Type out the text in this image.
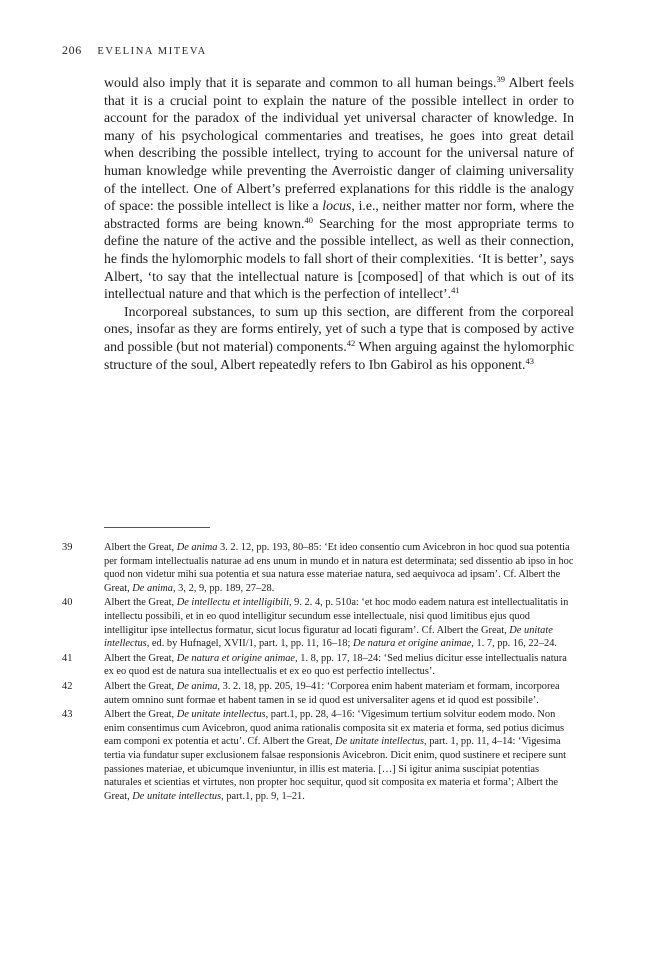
206 EVELINA MITEVA

would also imply that it is separate and common to all human beings.$^{39}$ Albert feels that it is a crucial point to explain the nature of the possible intellect in order to account for the paradox of the individual yet universal character of knowledge. In many of his psychological commentaries and treatises, he goes into great detail when describing the possible intellect, trying to account for the universal nature of human knowledge while preventing the Averroistic danger of claiming universality of the intellect. One of Albert’s preferred explanations for this riddle is the analogy of space: the possible intellect is like a locus, i.e., neither matter nor form, where the abstracted forms are being known.$^{40}$ Searching for the most appropriate terms to define the nature of the active and the possible intellect, as well as their connection, he finds the hylomorphic models to fall short of their complexities. ‘It is better’, says Albert, ‘to say that the intellectual nature is [composed] of that which is out of its intellectual nature and that which is the perfection of intellect’.$^{41}$

Incorporeal substances, to sum up this section, are different from the corporeal ones, insofar as they are forms entirely, yet of such a type that is composed by active and possible (but not material) components.$^{42}$ When arguing against the hylomorphic structure of the soul, Albert repeatedly refers to Ibn Gabirol as his opponent.$^{43}$

39	Albert the Great, De anima 3. 2. 12, pp. 193, 80–85: ‘Et ideo consentio cum Avicebron in hoc quod sua potentia per formam intellectualis naturae ad ens unum in mundo et in natura est determinata; sed dissentio ab ipso in hoc quod non videtur mihi sua potentia et sua natura esse materiae natura, sed aequivoca ad ipsam’. Cf. Albert the Great, De anima, 3, 2, 9, pp. 189, 27–28.
40	Albert the Great, De intellectu et intelligibili, 9. 2. 4, p. 510a: ‘et hoc modo eadem natura est intellectualitatis in intellectu possibili, et in eo quod intelligitur secundum esse intellectuale, nisi quod limitibus ejus quod intelligitur ipse intellectus formatur, sicut locus figuratur ad locati figuram’. Cf. Albert the Great, De unitate intellectus, ed. by Hufnagel, XVII/1, part. 1, pp. 11, 16–18; De natura et origine animae, 1. 7, pp. 16, 22–24.
41	Albert the Great, De natura et origine animae, 1. 8, pp. 17, 18–24: ‘Sed melius dicitur esse intellectualis natura ex eo quod est de natura sua intellectualis et ex eo quo est perfectio intellectus’.
42	Albert the Great, De anima, 3. 2. 18, pp. 205, 19–41: ‘Corporea enim habent materiam et formam, incorporea autem omnino sunt formae et habent tamen in se id quod est universaliter agens et id quod est possibile’.
43	Albert the Great, De unitate intellectus, part.1, pp. 28, 4–16: ‘Vigesimum tertium solvitur eodem modo. Non enim consentimus cum Avicebron, quod anima rationalis composita sit ex materia et forma, sed potius dicimus eam componi ex potentia et actu’. Cf. Albert the Great, De unitate intellectus, part. 1, pp. 11, 4–14: ‘Vigesima tertia via fundatur super exclusionem falsae responsionis Avicebron. Dicit enim, quod sustinere et recipere sunt passiones materiae, et ubicumque inveniuntur, in illis est materia. […] Si igitur anima suscipiat potentias naturales et scientias et virtutes, non propter hoc sequitur, quod sit composita ex materia et forma’; Albert the Great, De unitate intellectus, part.1, pp. 9, 1–21.
